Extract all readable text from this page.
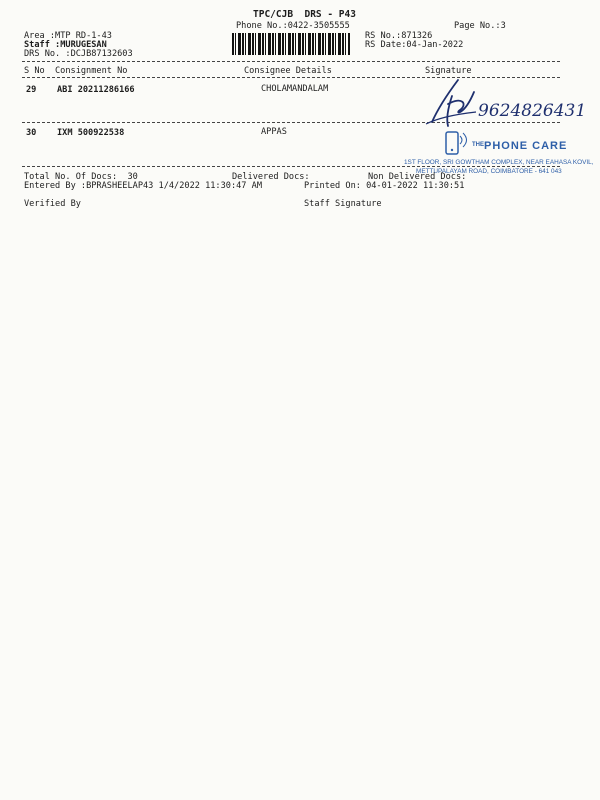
TPC/CJB  DRS - P43
Phone No.:0422-3505555	Page No.:3
Area :MTP RD-1-43
Staff :MURUGESAN
DRS No. :DCJB87132603
RS No.:871326
RS Date:04-Jan-2022
S No Consignment No	Consignee Details	Signature
29 ABI 20211286166	CHOLAMANDALAM
30 IXM 500922538	APPAS
9624826431
THE PHONE CARE
1ST FLOOR, SRI GOWTHAM COMPLEX, NEAR EAHASA KOVIL,
METTUPALAYAM ROAD, COIMBATORE - 641 043
Total No. Of Docs:  30	Delivered Docs:	Non Delivered Docs:
Entered By :BPRASHEELAP43 1/4/2022 11:30:47 AM	Printed On: 04-01-2022 11:30:51
Verified By	Staff Signature
